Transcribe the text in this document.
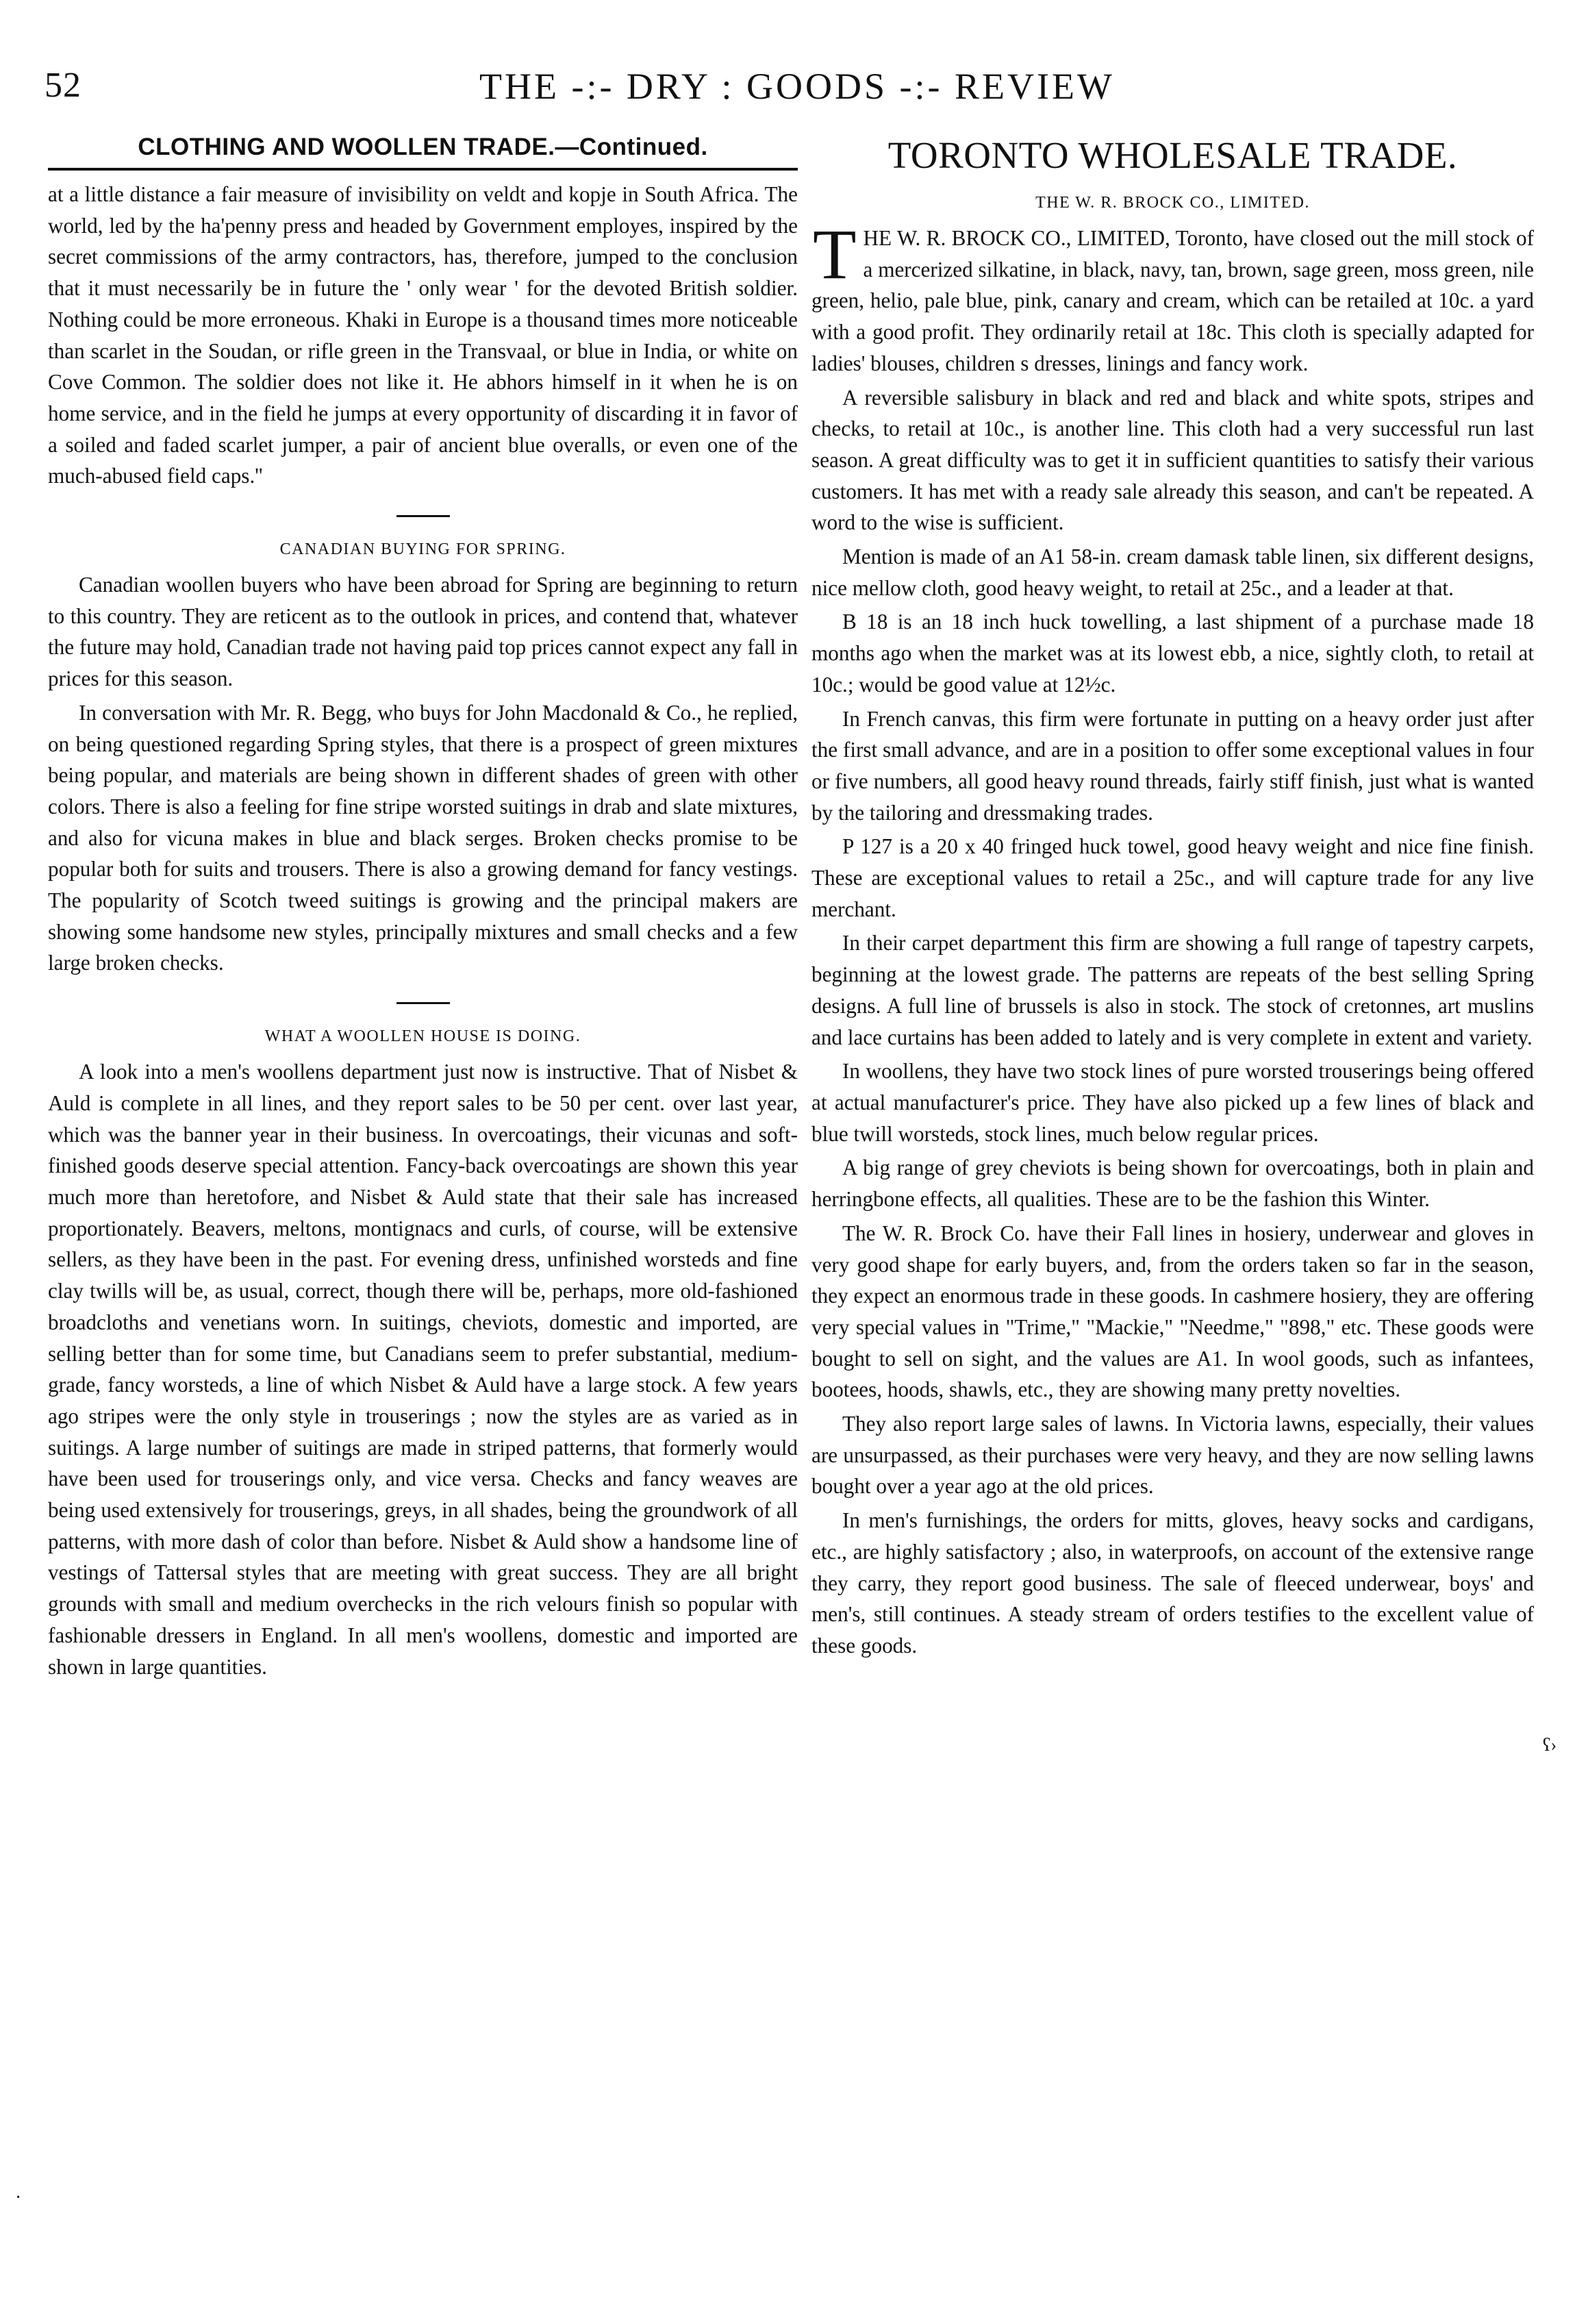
52	THE -:- DRY : GOODS -:- REVIEW
CLOTHING AND WOOLLEN TRADE.—Continued.

at a little distance a fair measure of invisibility on veldt and kopje in South Africa. The world, led by the ha'penny press and headed by Government employes, inspired by the secret commissions of the army contractors, has, therefore, jumped to the conclusion that it must necessarily be in future the ' only wear ' for the devoted British soldier. Nothing could be more erroneous. Khaki in Europe is a thousand times more noticeable than scarlet in the Soudan, or rifle green in the Transvaal, or blue in India, or white on Cove Common. The soldier does not like it. He abhors himself in it when he is on home service, and in the field he jumps at every opportunity of discarding it in favor of a soiled and faded scarlet jumper, a pair of ancient blue overalls, or even one of the much-abused field caps.''

CANADIAN BUYING FOR SPRING.

Canadian woollen buyers who have been abroad for Spring are beginning to return to this country. They are reticent as to the outlook in prices, and contend that, whatever the future may hold, Canadian trade not having paid top prices cannot expect any fall in prices for this season.

In conversation with Mr. R. Begg, who buys for John Macdonald & Co., he replied, on being questioned regarding Spring styles, that there is a prospect of green mixtures being popular, and materials are being shown in different shades of green with other colors. There is also a feeling for fine stripe worsted suitings in drab and slate mixtures, and also for vicuna makes in blue and black serges. Broken checks promise to be popular both for suits and trousers. There is also a growing demand for fancy vestings. The popularity of Scotch tweed suitings is growing and the principal makers are showing some handsome new styles, principally mixtures and small checks and a few large broken checks.

WHAT A WOOLLEN HOUSE IS DOING.

A look into a men's woollens department just now is instructive. That of Nisbet & Auld is complete in all lines, and they report sales to be 50 per cent. over last year, which was the banner year in their business. In overcoatings, their vicunas and soft-finished goods deserve special attention. Fancy-back overcoatings are shown this year much more than heretofore, and Nisbet & Auld state that their sale has increased proportionately. Beavers, meltons, montignacs and curls, of course, will be extensive sellers, as they have been in the past. For evening dress, unfinished worsteds and fine clay twills will be, as usual, correct, though there will be, perhaps, more old-fashioned broadcloths and venetians worn. In suitings, cheviots, domestic and imported, are selling better than for some time, but Canadians seem to prefer substantial, medium-grade, fancy worsteds, a line of which Nisbet & Auld have a large stock. A few years ago stripes were the only style in trouserings ; now the styles are as varied as in suitings. A large number of suitings are made in striped patterns, that formerly would have been used for trouserings only, and vice versa. Checks and fancy weaves are being used extensively for trouserings, greys, in all shades, being the groundwork of all patterns, with more dash of color than before. Nisbet & Auld show a handsome line of vestings of Tattersal styles that are meeting with great success. They are all bright grounds with small and medium overchecks in the rich velours finish so popular with fashionable dressers in England. In all men's woollens, domestic and imported are shown in large quantities.

TORONTO WHOLESALE TRADE.
THE W. R. BROCK CO., LIMITED.

THE W. R. BROCK CO., LIMITED, Toronto, have closed out the mill stock of a mercerized silkatine, in black, navy, tan, brown, sage green, moss green, nile green, helio, pale blue, pink, canary and cream, which can be retailed at 10c. a yard with a good profit. They ordinarily retail at 18c. This cloth is specially adapted for ladies' blouses, children s dresses, linings and fancy work.

A reversible salisbury in black and red and black and white spots, stripes and checks, to retail at 10c., is another line. This cloth had a very successful run last season. A great difficulty was to get it in sufficient quantities to satisfy their various customers. It has met with a ready sale already this season, and can't be repeated. A word to the wise is sufficient.

Mention is made of an A1 58-in. cream damask table linen, six different designs, nice mellow cloth, good heavy weight, to retail at 25c., and a leader at that.

B 18 is an 18 inch huck towelling, a last shipment of a purchase made 18 months ago when the market was at its lowest ebb, a nice, sightly cloth, to retail at 10c.; would be good value at 12½c.

In French canvas, this firm were fortunate in putting on a heavy order just after the first small advance, and are in a position to offer some exceptional values in four or five numbers, all good heavy round threads, fairly stiff finish, just what is wanted by the tailoring and dressmaking trades.

P 127 is a 20 x 40 fringed huck towel, good heavy weight and nice fine finish. These are exceptional values to retail a 25c., and will capture trade for any live merchant.

In their carpet department this firm are showing a full range of tapestry carpets, beginning at the lowest grade. The patterns are repeats of the best selling Spring designs. A full line of brussels is also in stock. The stock of cretonnes, art muslins and lace curtains has been added to lately and is very complete in extent and variety.

In woollens, they have two stock lines of pure worsted trouserings being offered at actual manufacturer's price. They have also picked up a few lines of black and blue twill worsteds, stock lines, much below regular prices.

A big range of grey cheviots is being shown for overcoatings, both in plain and herringbone effects, all qualities. These are to be the fashion this Winter.

The W. R. Brock Co. have their Fall lines in hosiery, underwear and gloves in very good shape for early buyers, and, from the orders taken so far in the season, they expect an enormous trade in these goods. In cashmere hosiery, they are offering very special values in "Trime," "Mackie," "Needme," "898," etc. These goods were bought to sell on sight, and the values are A1. In wool goods, such as infantees, bootees, hoods, shawls, etc., they are showing many pretty novelties.

They also report large sales of lawns. In Victoria lawns, especially, their values are unsurpassed, as their purchases were very heavy, and they are now selling lawns bought over a year ago at the old prices.

In men's furnishings, the orders for mitts, gloves, heavy socks and cardigans, etc., are highly satisfactory ; also, in waterproofs, on account of the extensive range they carry, they report good business. The sale of fleeced underwear, boys' and men's, still continues. A steady stream of orders testifies to the excellent value of these goods.

ʕ›
·
